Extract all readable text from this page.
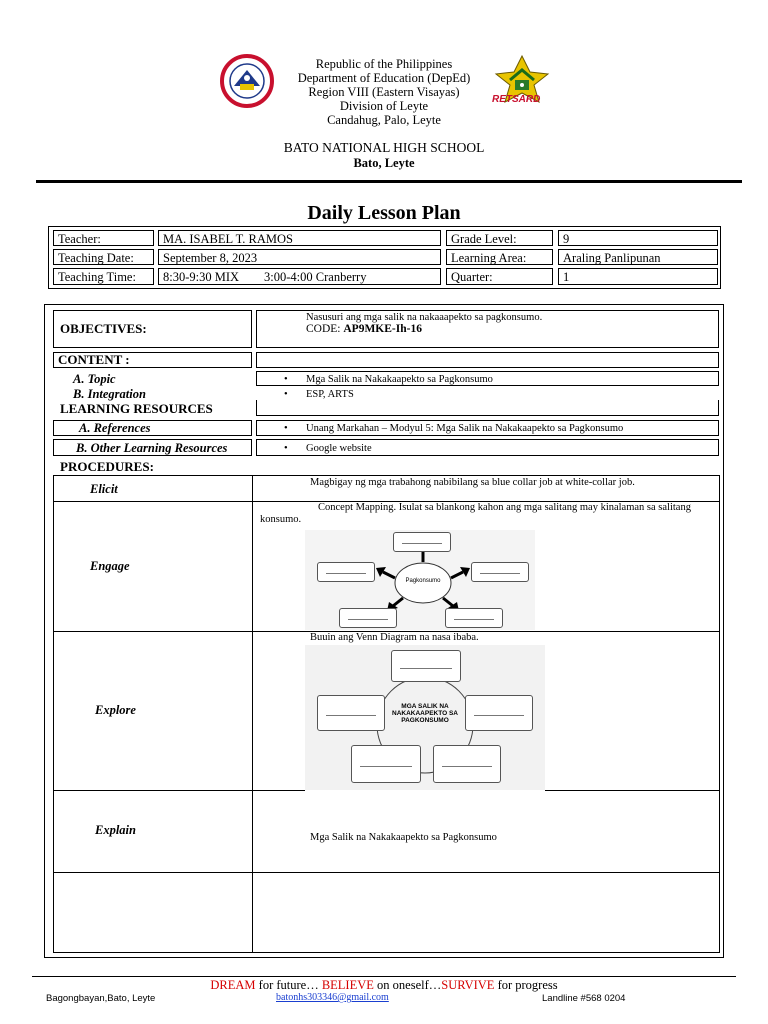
Republic of the Philippines
Department of Education (DepEd)
Region VIII (Eastern Visayas)
Division of Leyte
Candahug, Palo, Leyte
RETSARD
BATO NATIONAL HIGH SCHOOL
Bato, Leyte
Daily Lesson Plan
Teacher:	MA. ISABEL T. RAMOS	Grade Level:	9
Teaching Date:	September 8, 2023	Learning Area:	Araling Panlipunan
Teaching Time:	8:30-9:30 MIX        3:00-4:00 Cranberry	Quarter:	1
OBJECTIVES:
Nasusuri ang mga salik na nakaaapekto sa pagkonsumo.
CODE: AP9MKE-Ih-16
CONTENT :
A. Topic	• Mga Salik na Nakakaapekto sa Pagkonsumo
B. Integration	• ESP, ARTS
LEARNING RESOURCES
A. References	• Unang Markahan – Modyul 5: Mga Salik na Nakakaapekto sa Pagkonsumo
B. Other Learning Resources	• Google website
PROCEDURES:
Elicit	Magbigay ng mga trabahong nabibilang sa blue collar job at white-collar job.
Engage
Concept Mapping. Isulat sa blankong kahon ang mga salitang may kinalaman sa salitang konsumo.
Pagkonsumo
Explore
Buuin ang Venn Diagram na nasa ibaba.
MGA SALIK NA NAKAKAAPEKTO SA PAGKONSUMO
Explain
Mga Salik na Nakakaapekto sa Pagkonsumo
DREAM for future… BELIEVE on oneself…SURVIVE for progress
Bagongbayan,Bato, Leyte	batonhs303346@gmail.com	Landline #568 0204
